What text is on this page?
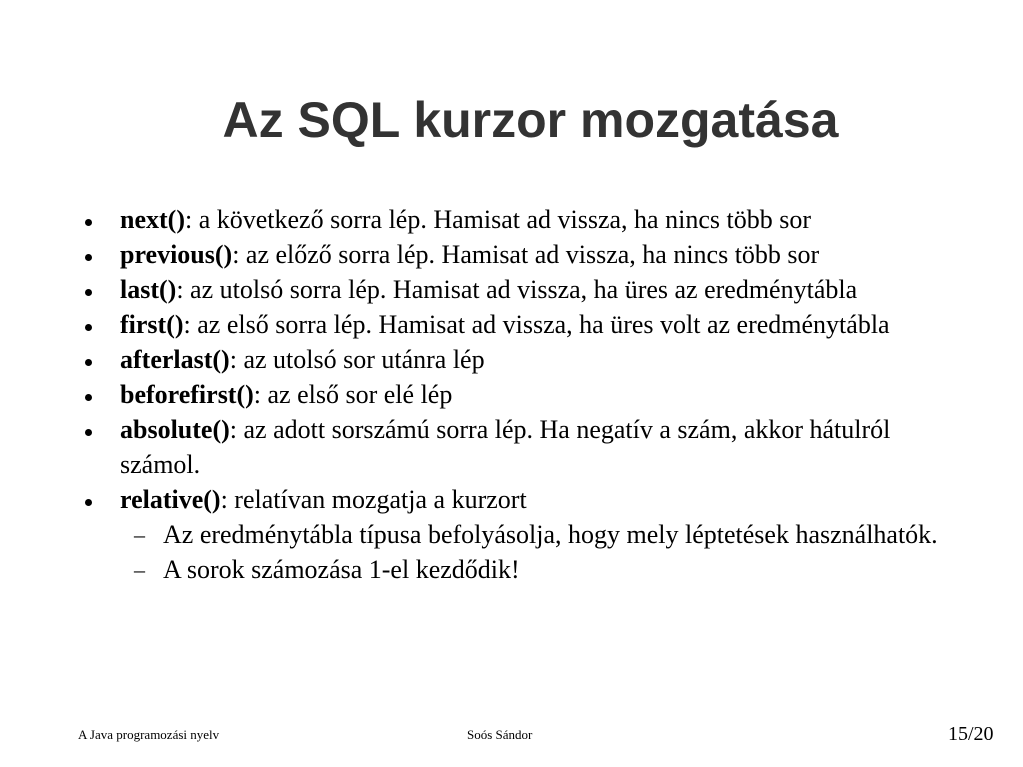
Az SQL kurzor mozgatása
next(): a következő sorra lép. Hamisat ad vissza, ha nincs több sor
previous(): az előző sorra lép. Hamisat ad vissza, ha nincs több sor
last(): az utolsó sorra lép. Hamisat ad vissza, ha üres az eredménytábla
first(): az első sorra lép. Hamisat ad vissza, ha üres volt az eredménytábla
afterlast(): az utolsó sor utánra lép
beforefirst(): az első sor elé lép
absolute(): az adott sorszámú sorra lép. Ha negatív a szám, akkor hátulról számol.
relative(): relatívan mozgatja a kurzort
– Az eredménytábla típusa befolyásolja, hogy mely léptetések használhatók.
– A sorok számozása 1-el kezdődik!
A Java programozási nyelv	Soós Sándor	15/20
